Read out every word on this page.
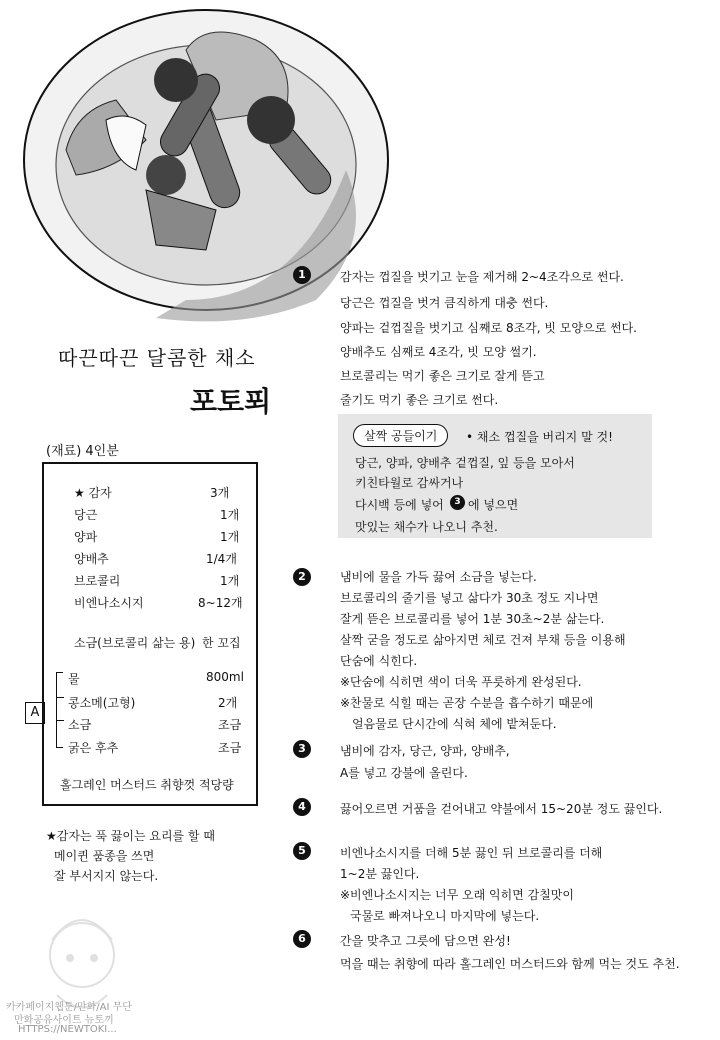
따끈따끈 달콤한 채소
포토푀
(재료) 4인분
★ 감자	3개
당근	1개
양파	1개
양배추	1/4개
브로콜리	1개
비엔나소시지	8~12개
소금(브로콜리 삶는 용) 한 꼬집
A
물	800ml
콩소메(고형)	2개
소금	조금
굵은 후추	조금
홀그레인 머스터드 취향껏 적당량
★감자는 푹 끓이는 요리를 할 때
메이퀸 품종을 쓰면
잘 부서지지 않는다.
1	감자는 껍질을 벗기고 눈을 제거해 2~4조각으로 썬다.
당근은 껍질을 벗겨 큼직하게 대충 썬다.
양파는 겉껍질을 벗기고 심째로 8조각, 빗 모양으로 썬다.
양배추도 심째로 4조각, 빗 모양 썰기.
브로콜리는 먹기 좋은 크기로 잘게 뜯고
줄기도 먹기 좋은 크기로 썬다.
살짝 공들이기	• 채소 껍질을 버리지 말 것!
당근, 양파, 양배추 겉껍질, 잎 등을 모아서
키친타월로 감싸거나
다시백 등에 넣어	3 에 넣으면
맛있는 채수가 나오니 추천.
2	냄비에 물을 가득 끓여 소금을 넣는다.
브로콜리의 줄기를 넣고 삶다가 30초 정도 지나면
잘게 뜯은 브로콜리를 넣어 1분 30초~2분 삶는다.
살짝 굳을 정도로 삶아지면 체로 건져 부채 등을 이용해
단숨에 식힌다.
※단숨에 식히면 색이 더욱 푸릇하게 완성된다.
※찬물로 식힐 때는 곧장 수분을 흡수하기 때문에
얼음물로 단시간에 식혀 체에 밭쳐둔다.
3	냄비에 감자, 당근, 양파, 양배추,
A를 넣고 강불에 올린다.
4	끓어오르면 거품을 걷어내고 약불에서 15~20분 정도 끓인다.
5	비엔나소시지를 더해 5분 끓인 뒤 브로콜리를 더해
1~2분 끓인다.
※비엔나소시지는 너무 오래 익히면 감칠맛이
국물로 빠져나오니 마지막에 넣는다.
6	간을 맞추고 그릇에 담으면 완성!
먹을 때는 취향에 따라 홀그레인 머스터드와 함께 먹는 것도 추천.
카카페이지웹툰/만화/AI 무단
만화공유사이트 뉴토끼
HTTPS://NEWTOKI...
